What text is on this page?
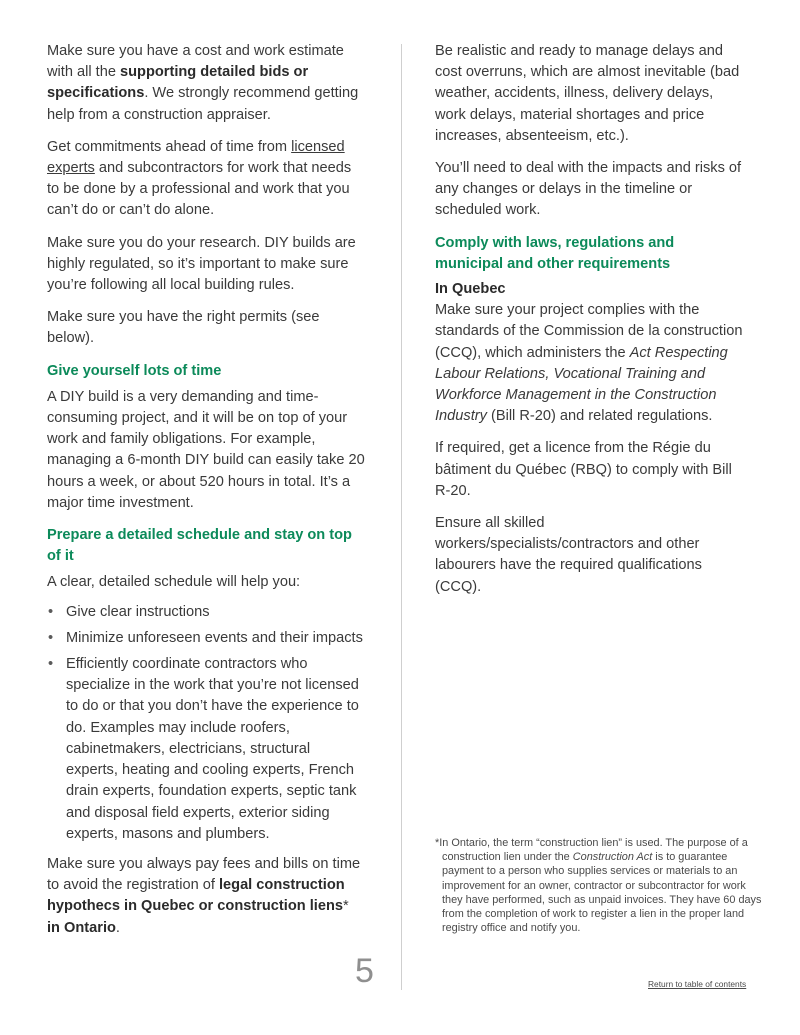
Make sure you have a cost and work estimate with all the supporting detailed bids or specifications. We strongly recommend getting help from a construction appraiser.

Get commitments ahead of time from licensed experts and subcontractors for work that needs to be done by a professional and work that you can’t do or can’t do alone.

Make sure you do your research. DIY builds are highly regulated, so it’s important to make sure you’re following all local building rules.

Make sure you have the right permits (see below).

Give yourself lots of time

A DIY build is a very demanding and time-consuming project, and it will be on top of your work and family obligations. For example, managing a 6-month DIY build can easily take 20 hours a week, or about 520 hours in total. It’s a major time investment.

Prepare a detailed schedule and stay on top of it

A clear, detailed schedule will help you:

• Give clear instructions
• Minimize unforeseen events and their impacts
• Efficiently coordinate contractors who specialize in the work that you’re not licensed to do or that you don’t have the experience to do. Examples may include roofers, cabinetmakers, electricians, structural experts, heating and cooling experts, French drain experts, foundation experts, septic tank and disposal field experts, exterior siding experts, masons and plumbers.

Make sure you always pay fees and bills on time to avoid the registration of legal construction hypothecs in Quebec or construction liens*
in Ontario.

Be realistic and ready to manage delays and cost overruns, which are almost inevitable (bad weather, accidents, illness, delivery delays, work delays, material shortages and price increases, absenteeism, etc.).

You’ll need to deal with the impacts and risks of any changes or delays in the timeline or scheduled work.

Comply with laws, regulations and municipal and other requirements

In Quebec

Make sure your project complies with the standards of the Commission de la construction (CCQ), which administers the Act Respecting Labour Relations, Vocational Training and Workforce Management in the Construction Industry (Bill R-20) and related regulations.

If required, get a licence from the Régie du bâtiment du Québec (RBQ) to comply with Bill R-20.

Ensure all skilled workers/specialists/contractors and other labourers have the required qualifications (CCQ).

*In Ontario, the term “construction lien” is used. The purpose of a construction lien under the Construction Act is to guarantee payment to a person who supplies services or materials to an improvement for an owner, contractor or subcontractor for work they have performed, such as unpaid invoices. They have 60 days from the completion of work to register a lien in the proper land registry office and notify you.
5	Return to table of contents
